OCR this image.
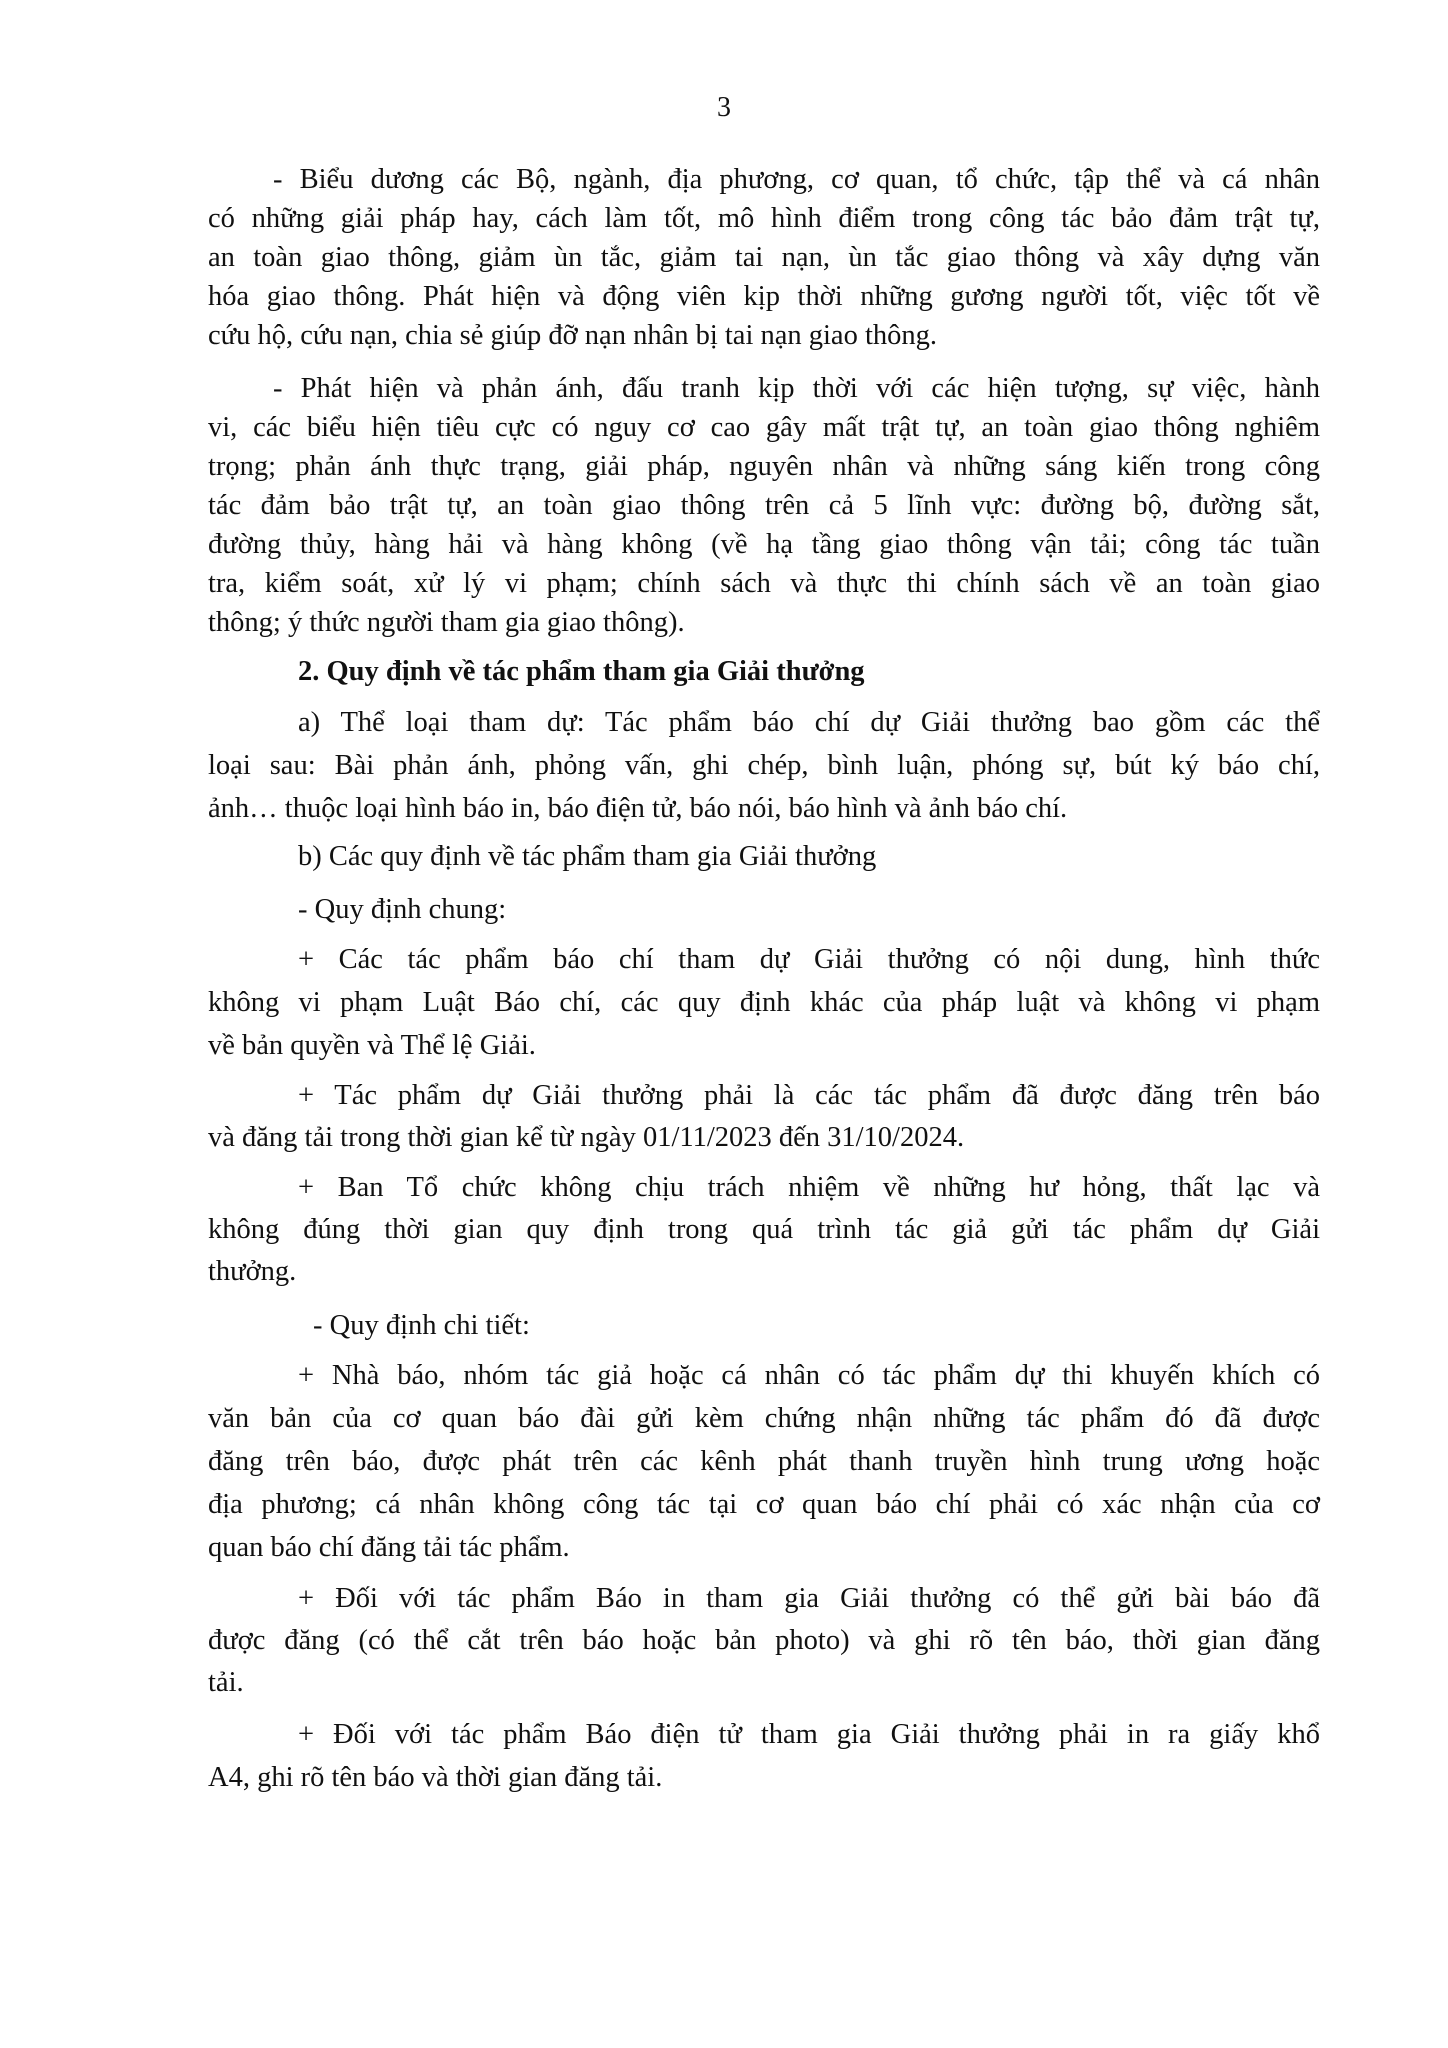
3
- Biểu dương các Bộ, ngành, địa phương, cơ quan, tổ chức, tập thể và cá nhân
có những giải pháp hay, cách làm tốt, mô hình điểm trong công tác bảo đảm trật tự,
an toàn giao thông, giảm ùn tắc, giảm tai nạn, ùn tắc giao thông và xây dựng văn
hóa giao thông. Phát hiện và động viên kịp thời những gương người tốt, việc tốt về
cứu hộ, cứu nạn, chia sẻ giúp đỡ nạn nhân bị tai nạn giao thông.
- Phát hiện và phản ánh, đấu tranh kịp thời với các hiện tượng, sự việc, hành
vi, các biểu hiện tiêu cực có nguy cơ cao gây mất trật tự, an toàn giao thông nghiêm
trọng; phản ánh thực trạng, giải pháp, nguyên nhân và những sáng kiến trong công
tác đảm bảo trật tự, an toàn giao thông trên cả 5 lĩnh vực: đường bộ, đường sắt,
đường thủy, hàng hải và hàng không (về hạ tầng giao thông vận tải; công tác tuần
tra, kiểm soát, xử lý vi phạm; chính sách và thực thi chính sách về an toàn giao
thông; ý thức người tham gia giao thông).
2. Quy định về tác phẩm tham gia Giải thưởng
a) Thể loại tham dự: Tác phẩm báo chí dự Giải thưởng bao gồm các thể
loại sau: Bài phản ánh, phỏng vấn, ghi chép, bình luận, phóng sự, bút ký báo chí,
ảnh… thuộc loại hình báo in, báo điện tử, báo nói, báo hình và ảnh báo chí.
b) Các quy định về tác phẩm tham gia Giải thưởng
- Quy định chung:
+ Các tác phẩm báo chí tham dự Giải thưởng có nội dung, hình thức
không vi phạm Luật Báo chí, các quy định khác của pháp luật và không vi phạm
về bản quyền và Thể lệ Giải.
+ Tác phẩm dự Giải thưởng phải là các tác phẩm đã được đăng trên báo
và đăng tải trong thời gian kể từ ngày 01/11/2023 đến 31/10/2024.
+ Ban Tổ chức không chịu trách nhiệm về những hư hỏng, thất lạc và
không đúng thời gian quy định trong quá trình tác giả gửi tác phẩm dự Giải
thưởng.
- Quy định chi tiết:
+ Nhà báo, nhóm tác giả hoặc cá nhân có tác phẩm dự thi khuyến khích có
văn bản của cơ quan báo đài gửi kèm chứng nhận những tác phẩm đó đã được
đăng trên báo, được phát trên các kênh phát thanh truyền hình trung ương hoặc
địa phương; cá nhân không công tác tại cơ quan báo chí phải có xác nhận của cơ
quan báo chí đăng tải tác phẩm.
+ Đối với tác phẩm Báo in tham gia Giải thưởng có thể gửi bài báo đã
được đăng (có thể cắt trên báo hoặc bản photo) và ghi rõ tên báo, thời gian đăng
tải.
+ Đối với tác phẩm Báo điện tử tham gia Giải thưởng phải in ra giấy khổ
A4, ghi rõ tên báo và thời gian đăng tải.
